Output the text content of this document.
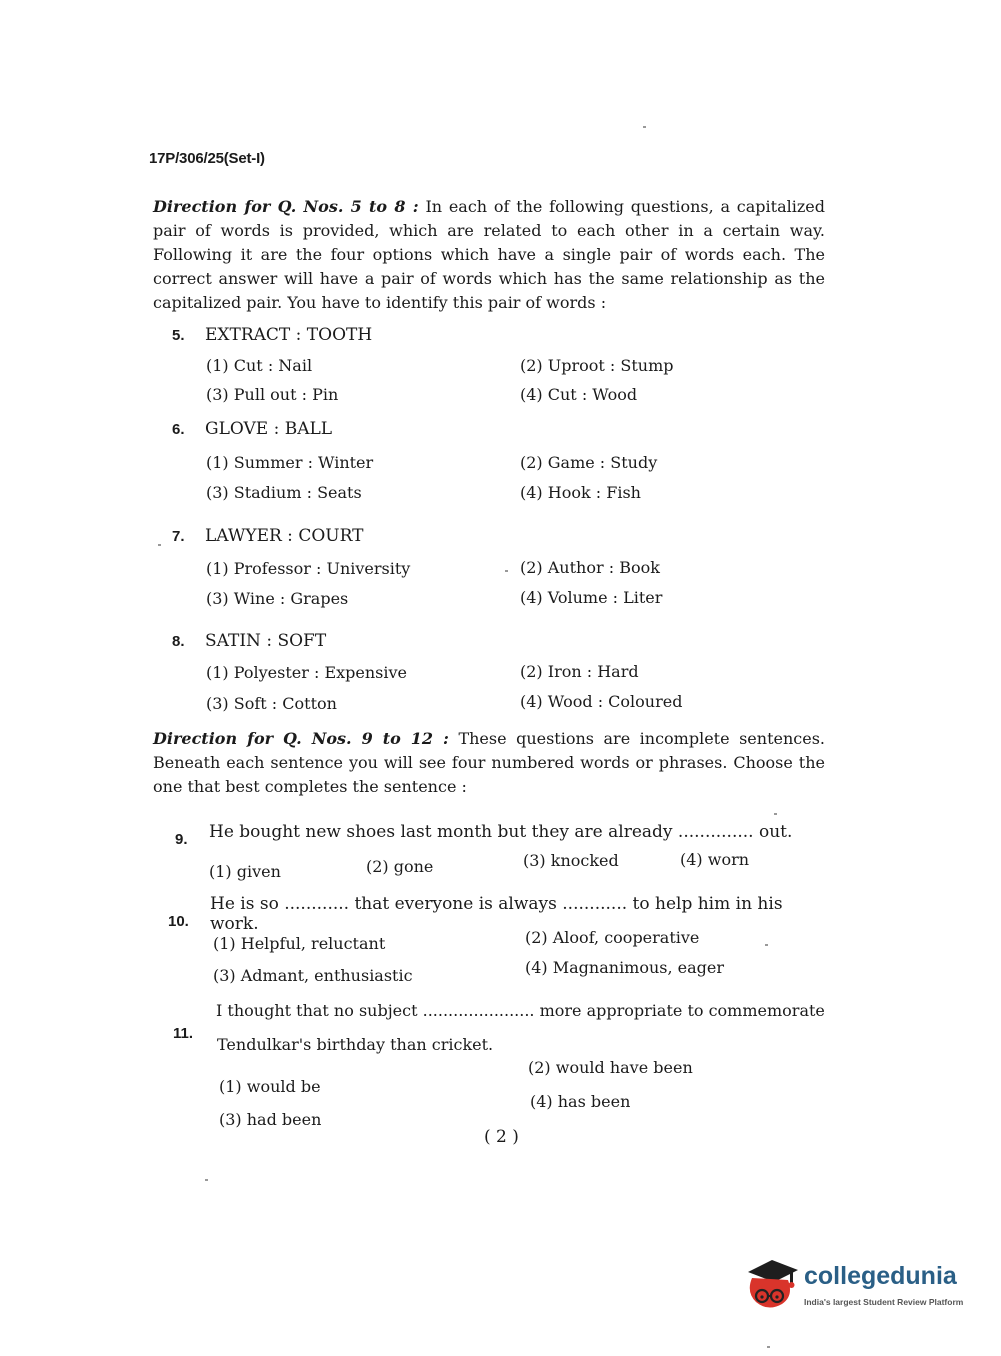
17P/306/25(Set-I)
Direction for Q. Nos. 5 to 8 : In each of the following questions, a capitalized pair of words is provided, which are related to each other in a certain way. Following it are the four options which have a single pair of words each. The correct answer will have a pair of words which has the same relationship as the capitalized pair. You have to identify this pair of words :
5. EXTRACT : TOOTH
(1) Cut : Nail	(2) Uproot : Stump
(3) Pull out : Pin	(4) Cut : Wood
6. GLOVE : BALL
(1) Summer : Winter	(2) Game : Study
(3) Stadium : Seats	(4) Hook : Fish
7. LAWYER : COURT
(1) Professor : University	(2) Author : Book
(3) Wine : Grapes	(4) Volume : Liter
8. SATIN : SOFT
(1) Polyester : Expensive	(2) Iron : Hard
(3) Soft : Cotton	(4) Wood : Coloured
Direction for Q. Nos. 9 to 12 : These questions are incomplete sentences. Beneath each sentence you will see four numbered words or phrases. Choose the one that best completes the sentence :
9. He bought new shoes last month but they are already .............. out.
(1) given	(2) gone	(3) knocked	(4) worn
10.
He is so ............ that everyone is always ............ to help him in his work.
(1) Helpful, reluctant	(2) Aloof, cooperative
(3) Admant, enthusiastic	(4) Magnanimous, eager
11.
I thought that no subject ...................... more appropriate to commemorate
Tendulkar's birthday than cricket.
(1) would be
(2) would have been
(3) had been
(4) has been
( 2 )
collegedunia
India's largest Student Review Platform
